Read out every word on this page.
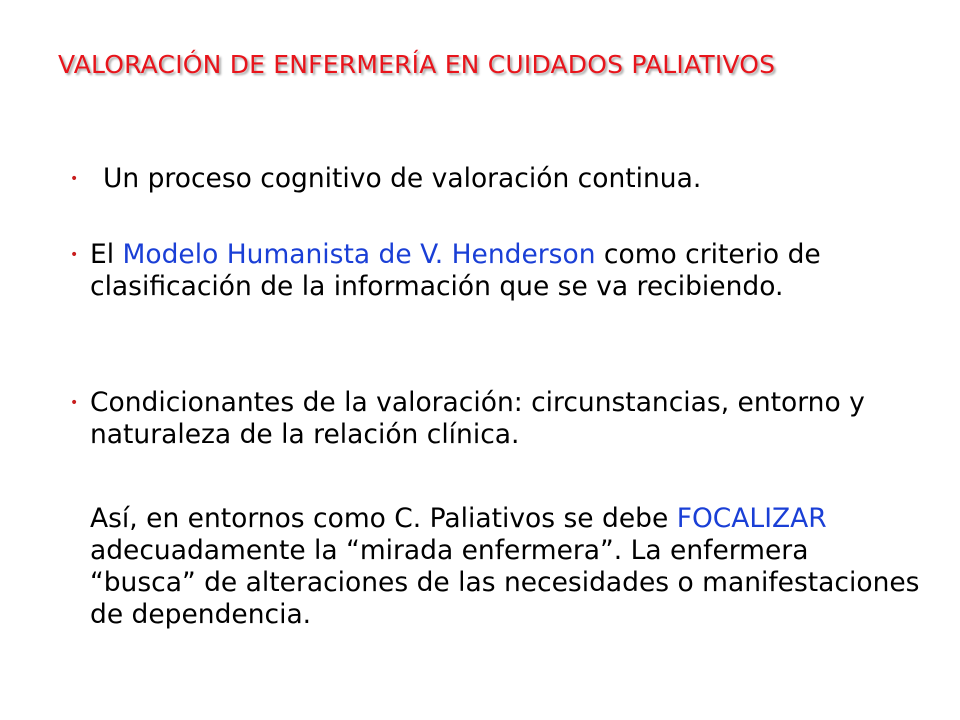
VALORACIÓN DE ENFERMERÍA EN CUIDADOS PALIATIVOS
• Un proceso cognitivo de valoración continua.
• El Modelo Humanista de V. Henderson como criterio de clasificación de la información que se va recibiendo.
• Condicionantes de la valoración: circunstancias, entorno y naturaleza de la relación clínica.
Así, en entornos como C. Paliativos se debe FOCALIZAR adecuadamente la “mirada enfermera”. La enfermera “busca” de alteraciones de las necesidades o manifestaciones de dependencia.
